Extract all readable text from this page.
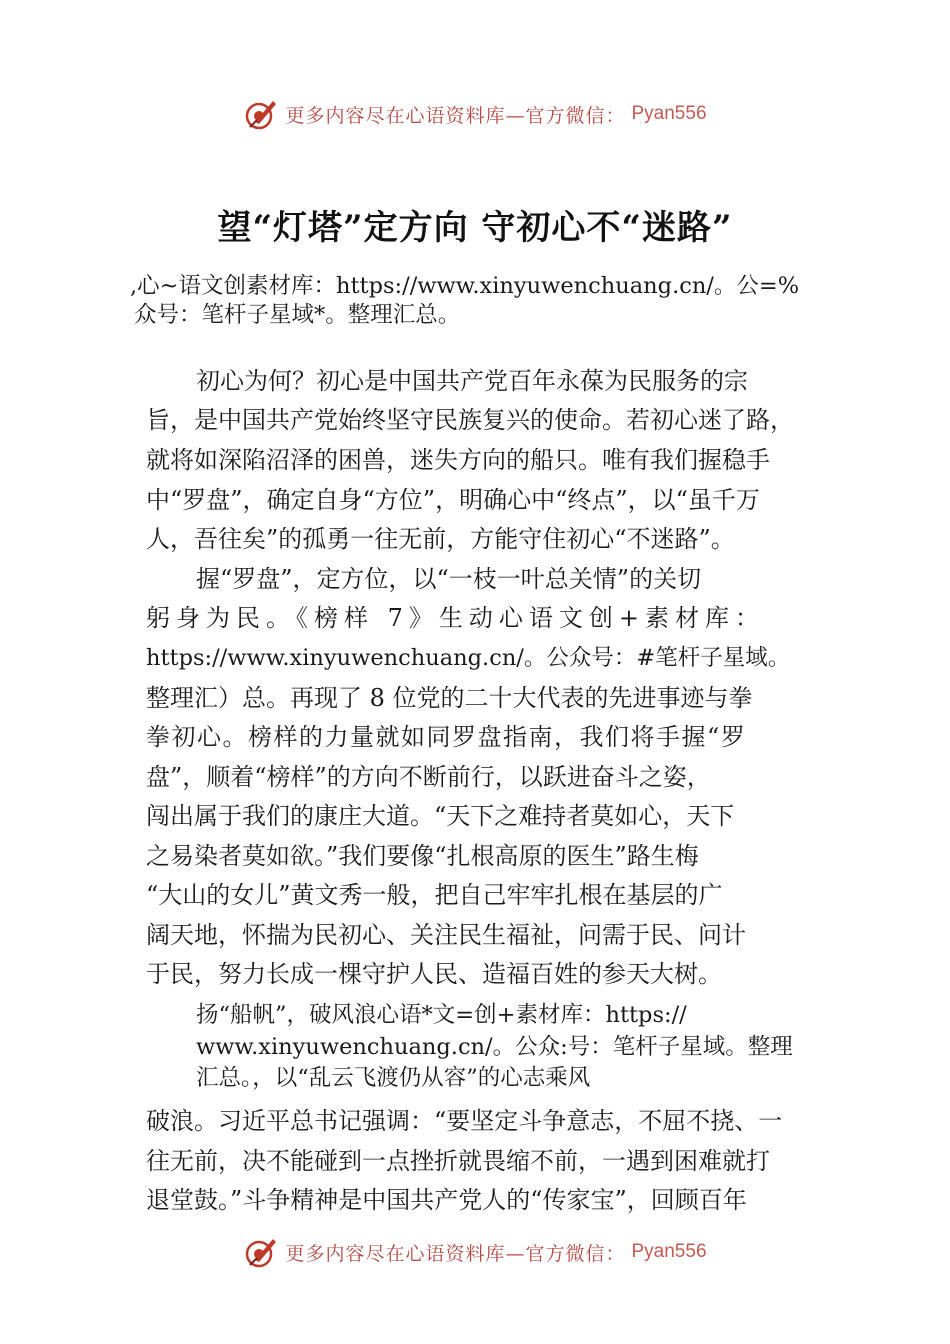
更多内容尽在心语资料库—官方微信： Pyan556
望“灯塔”定方向 守初心不“迷路”
,心~语文创素材库：https://www.xinyuwenchuang.cn/。公=%
众号：笔杆子星域*。整理汇总。
初心为何？初心是中国共产党百年永葆为民服务的宗
旨，是中国共产党始终坚守民族复兴的使命。若初心迷了路，
就将如深陷沼泽的困兽，迷失方向的船只。唯有我们握稳手
中“罗盘”，确定自身“方位”，明确心中“终点”，以“虽千万
人，吾往矣”的孤勇一往无前，方能守住初心“不迷路”。
握“罗盘”，定方位，以“一枝一叶总关情”的关切
躬身为民。《榜样 7》生动心语文创+素材库：
https://www.xinyuwenchuang.cn/。公众号：#笔杆子星域。
整理汇）总。再现了 8 位党的二十大代表的先进事迹与拳
拳初心。榜样的力量就如同罗盘指南，我们将手握“罗
盘”，顺着“榜样”的方向不断前行，以跃进奋斗之姿，
闯出属于我们的康庄大道。“天下之难持者莫如心，天下
之易染者莫如欲。”我们要像“扎根高原的医生”路生梅
“大山的女儿”黄文秀一般，把自己牢牢扎根在基层的广
阔天地，怀揣为民初心、关注民生福祉，问需于民、问计
于民，努力长成一棵守护人民、造福百姓的参天大树。
扬“船帆”，破风浪心语*文=创+素材库：https://
www.xinyuwenchuang.cn/。公众:号：笔杆子星域。整理
汇总。，以“乱云飞渡仍从容”的心志乘风
破浪。习近平总书记强调：“要坚定斗争意志，不屈不挠、一
往无前，决不能碰到一点挫折就畏缩不前，一遇到困难就打
退堂鼓。”斗争精神是中国共产党人的“传家宝”，回顾百年
更多内容尽在心语资料库—官方微信： Pyan556
